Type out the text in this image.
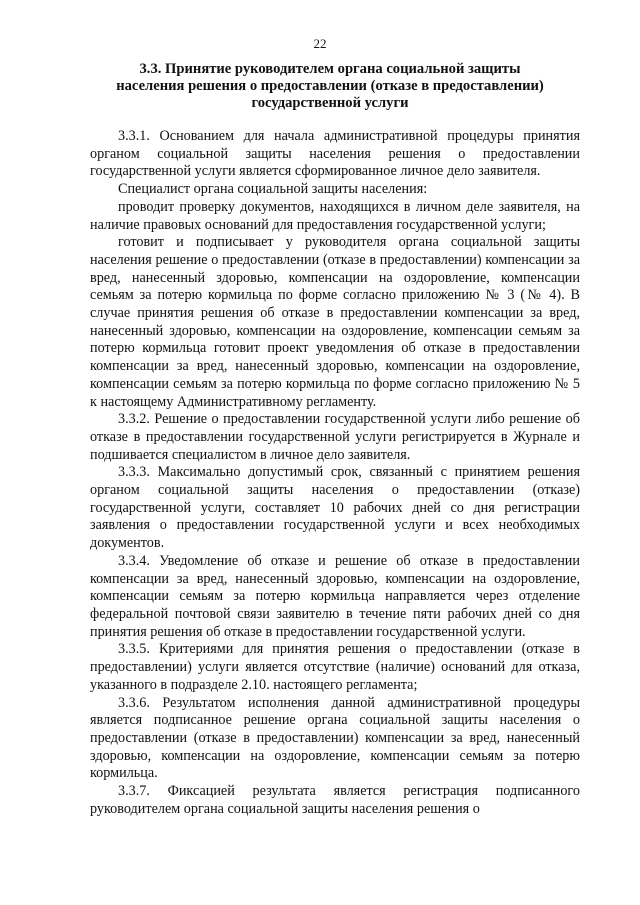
22
3.3. Принятие руководителем органа социальной защиты
населения решения о предоставлении (отказе в предоставлении)
государственной услуги

3.3.1. Основанием для начала административной процедуры принятия органом социальной защиты населения решения о предоставлении государственной услуги является сформированное личное дело заявителя.

Специалист органа социальной защиты населения:

проводит проверку документов, находящихся в личном деле заявителя, на наличие правовых оснований для предоставления государственной услуги;

готовит и подписывает у руководителя органа социальной защиты населения решение о предоставлении (отказе в предоставлении) компенсации за вред, нанесенный здоровью, компенсации на оздоровление, компенсации семьям за потерю кормильца по форме согласно приложению № 3 (№ 4). В случае принятия решения об отказе в предоставлении компенсации за вред, нанесенный здоровью, компенсации на оздоровление, компенсации семьям за потерю кормильца готовит проект уведомления об отказе в предоставлении компенсации за вред, нанесенный здоровью, компенсации на оздоровление, компенсации семьям за потерю кормильца по форме согласно приложению № 5 к настоящему Административному регламенту.

3.3.2. Решение о предоставлении государственной услуги либо решение об отказе в предоставлении государственной услуги регистрируется в Журнале и подшивается специалистом в личное дело заявителя.

3.3.3. Максимально допустимый срок, связанный с принятием решения органом социальной защиты населения о предоставлении (отказе) государственной услуги, составляет 10 рабочих дней со дня регистрации заявления о предоставлении государственной услуги и всех необходимых документов.

3.3.4. Уведомление об отказе и решение об отказе в предоставлении компенсации за вред, нанесенный здоровью, компенсации на оздоровление, компенсации семьям за потерю кормильца направляется через отделение федеральной почтовой связи заявителю в течение пяти рабочих дней со дня принятия решения об отказе в предоставлении государственной услуги.

3.3.5. Критериями для принятия решения о предоставлении (отказе в предоставлении) услуги является отсутствие (наличие) оснований для отказа, указанного в подразделе 2.10. настоящего регламента;

3.3.6. Результатом исполнения данной административной процедуры является подписанное решение органа социальной защиты населения о предоставлении (отказе в предоставлении) компенсации за вред, нанесенный здоровью, компенсации на оздоровление, компенсации семьям за потерю кормильца.

3.3.7. Фиксацией результата является регистрация подписанного руководителем органа социальной защиты населения решения о
